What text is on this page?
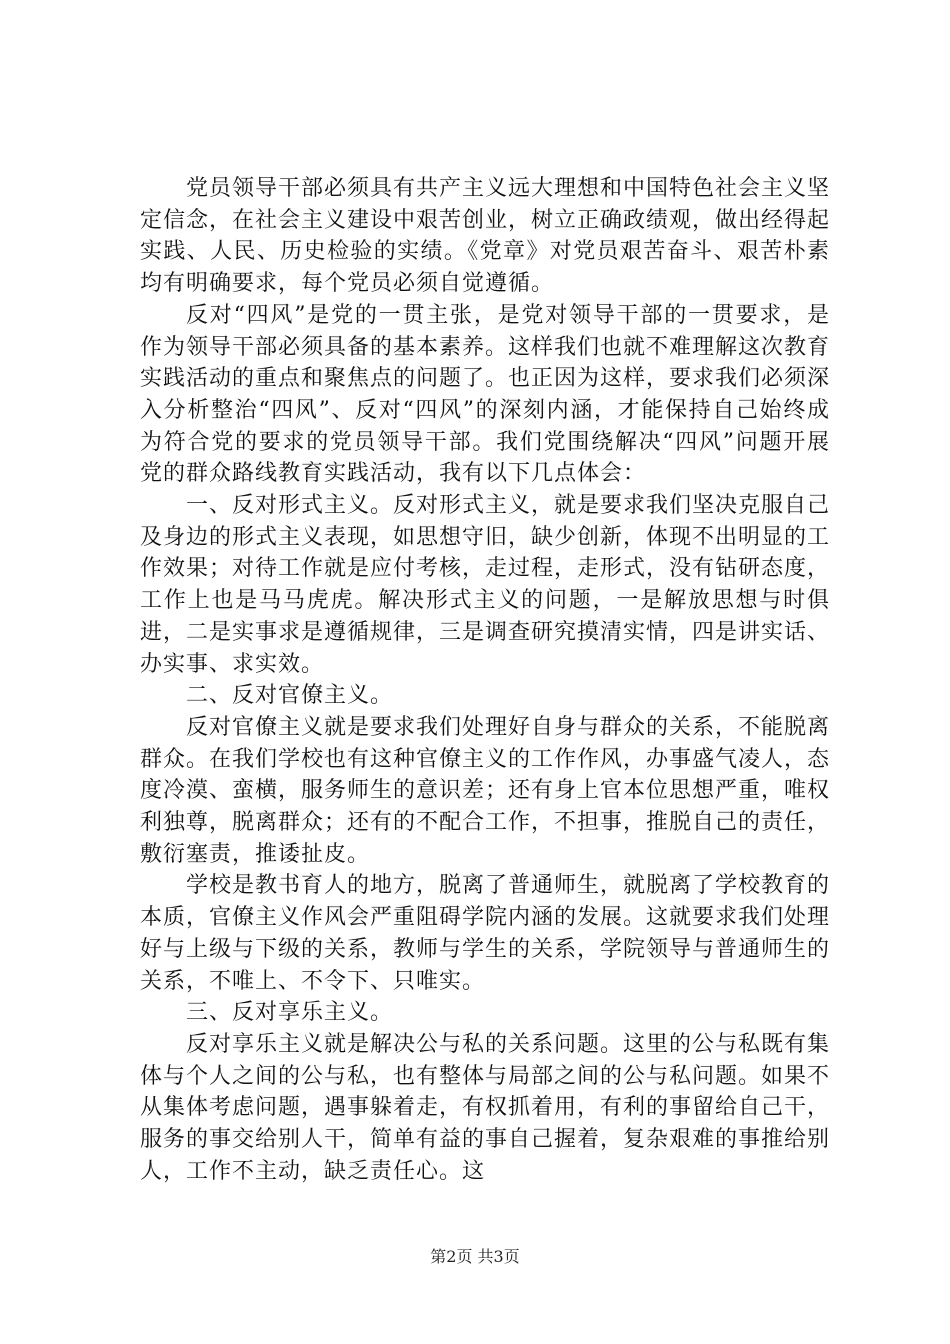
党员领导干部必须具有共产主义远大理想和中国特色社会主义坚定信念，在社会主义建设中艰苦创业，树立正确政绩观，做出经得起实践、人民、历史检验的实绩。《党章》对党员艰苦奋斗、艰苦朴素均有明确要求，每个党员必须自觉遵循。

反对“四风”是党的一贯主张，是党对领导干部的一贯要求，是作为领导干部必须具备的基本素养。这样我们也就不难理解这次教育实践活动的重点和聚焦点的问题了。也正因为这样，要求我们必须深入分析整治“四风”、反对“四风”的深刻内涵，才能保持自己始终成为符合党的要求的党员领导干部。我们党围绕解决“四风”问题开展党的群众路线教育实践活动，我有以下几点体会：

一、反对形式主义。反对形式主义，就是要求我们坚决克服自己及身边的形式主义表现，如思想守旧，缺少创新，体现不出明显的工作效果；对待工作就是应付考核，走过程，走形式，没有钻研态度，工作上也是马马虎虎。解决形式主义的问题，一是解放思想与时俱进，二是实事求是遵循规律，三是调查研究摸清实情，四是讲实话、办实事、求实效。

二、反对官僚主义。

反对官僚主义就是要求我们处理好自身与群众的关系，不能脱离群众。在我们学校也有这种官僚主义的工作作风，办事盛气凌人，态度冷漠、蛮横，服务师生的意识差；还有身上官本位思想严重，唯权利独尊，脱离群众；还有的不配合工作，不担事，推脱自己的责任，敷衍塞责，推诿扯皮。

学校是教书育人的地方，脱离了普通师生，就脱离了学校教育的本质，官僚主义作风会严重阻碍学院内涵的发展。这就要求我们处理好与上级与下级的关系，教师与学生的关系，学院领导与普通师生的关系，不唯上、不令下、只唯实。

三、反对享乐主义。

反对享乐主义就是解决公与私的关系问题。这里的公与私既有集体与个人之间的公与私，也有整体与局部之间的公与私问题。如果不从集体考虑问题，遇事躲着走，有权抓着用，有利的事留给自己干，服务的事交给别人干，简单有益的事自己握着，复杂艰难的事推给别人，工作不主动，缺乏责任心。这

第2页 共3页
